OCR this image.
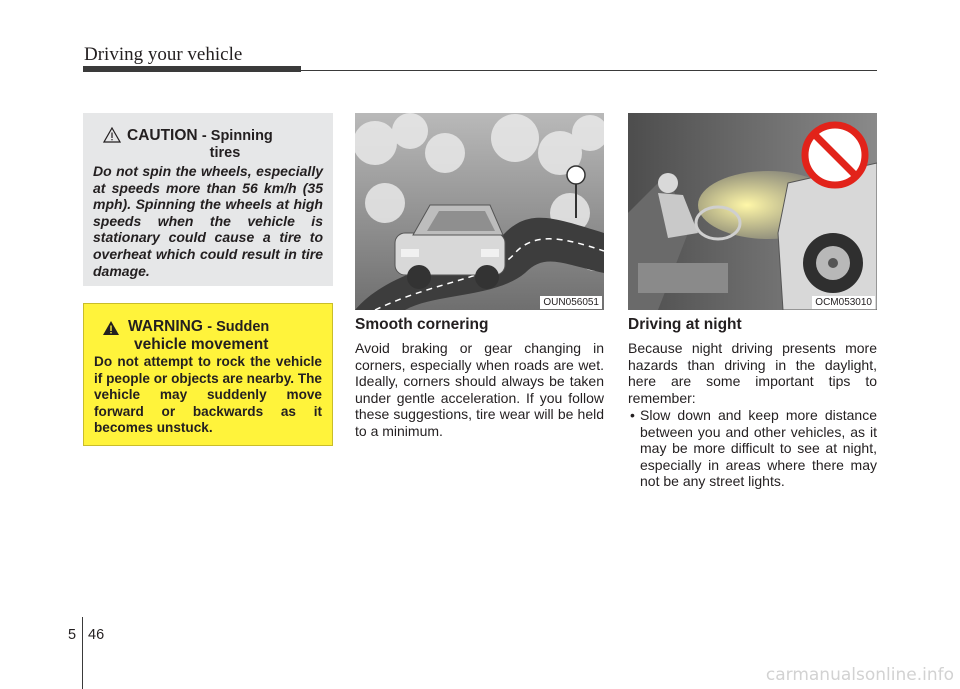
Driving your vehicle
CAUTION - Spinning
tires
Do not spin the wheels, especially at speeds more than 56 km/h (35 mph). Spinning the wheels at high speeds when the vehicle is stationary could cause a tire to overheat which could result in tire damage.
WARNING - Sudden
vehicle movement
Do not attempt to rock the vehicle if people or objects are nearby. The vehicle may suddenly move forward or backwards as it becomes unstuck.
OUN056051	OCM053010
Smooth cornering
Avoid braking or gear changing in corners, especially when roads are wet. Ideally, corners should always be taken under gentle acceleration. If you follow these suggestions, tire wear will be held to a minimum.
Driving at night
Because night driving presents more hazards than driving in the daylight, here are some important tips to remember:
• Slow down and keep more distance between you and other vehicles, as it may be more difficult to see at night, especially in areas where there may not be any street lights.
5 46
carmanualsonline.info
